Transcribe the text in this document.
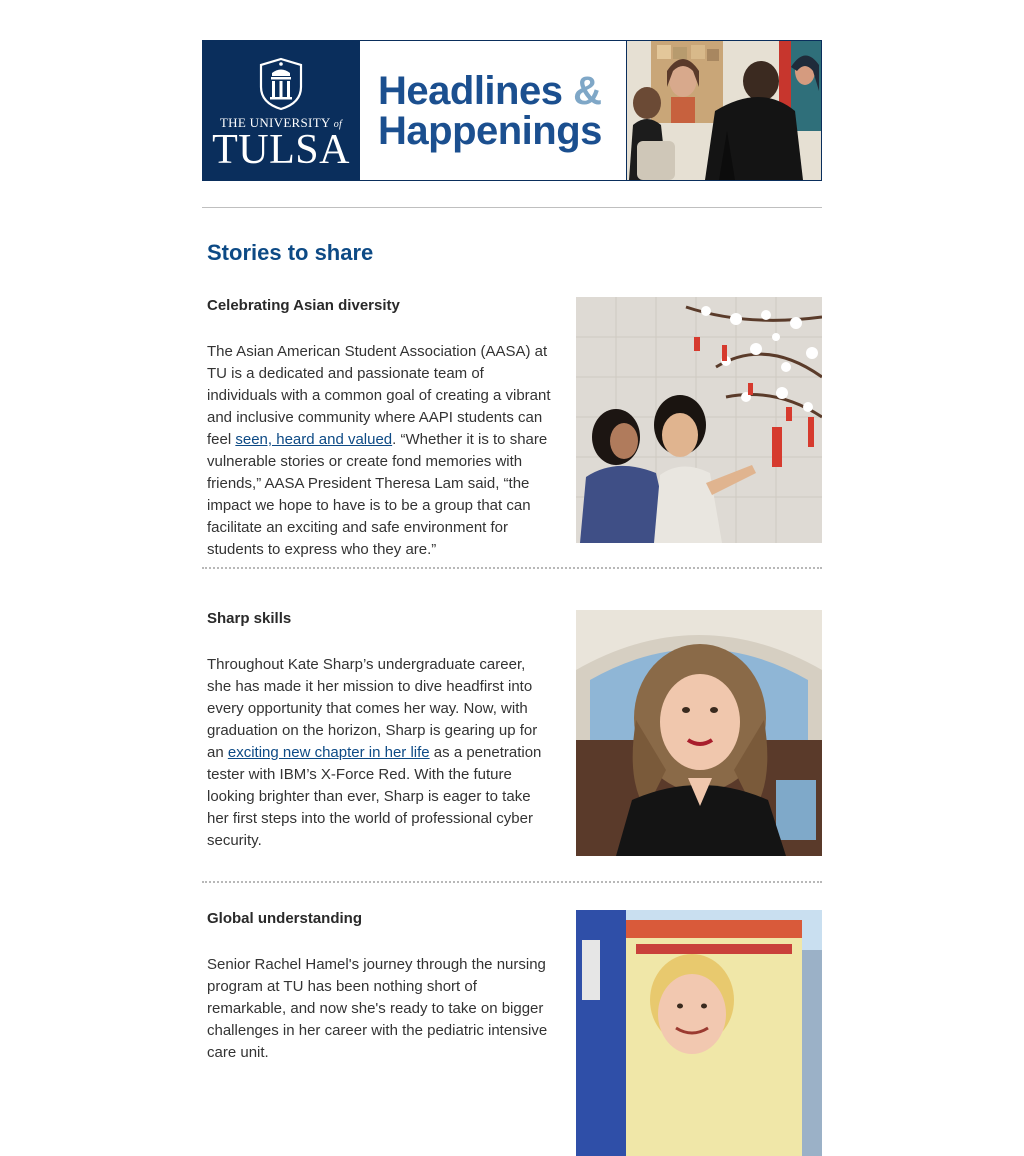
THE UNIVERSITY of
TULSA
Headlines &
Happenings
Stories to share
Celebrating Asian diversity

The Asian American Student Association (AASA) at TU is a dedicated and passionate team of individuals with a common goal of creating a vibrant and inclusive community where AAPI students can feel seen, heard and valued. “Whether it is to share vulnerable stories or create fond memories with friends,” AASA President Theresa Lam said, “the impact we hope to have is to be a group that can facilitate an exciting and safe environment for students to express who they are.”

Sharp skills

Throughout Kate Sharp’s undergraduate career, she has made it her mission to dive headfirst into every opportunity that comes her way. Now, with graduation on the horizon, Sharp is gearing up for an exciting new chapter in her life as a penetration tester with IBM’s X-Force Red. With the future looking brighter than ever, Sharp is eager to take her first steps into the world of professional cyber security.

Global understanding

Senior Rachel Hamel's journey through the nursing program at TU has been nothing short of remarkable, and now she's ready to take on bigger challenges in her career with the pediatric intensive care unit.
